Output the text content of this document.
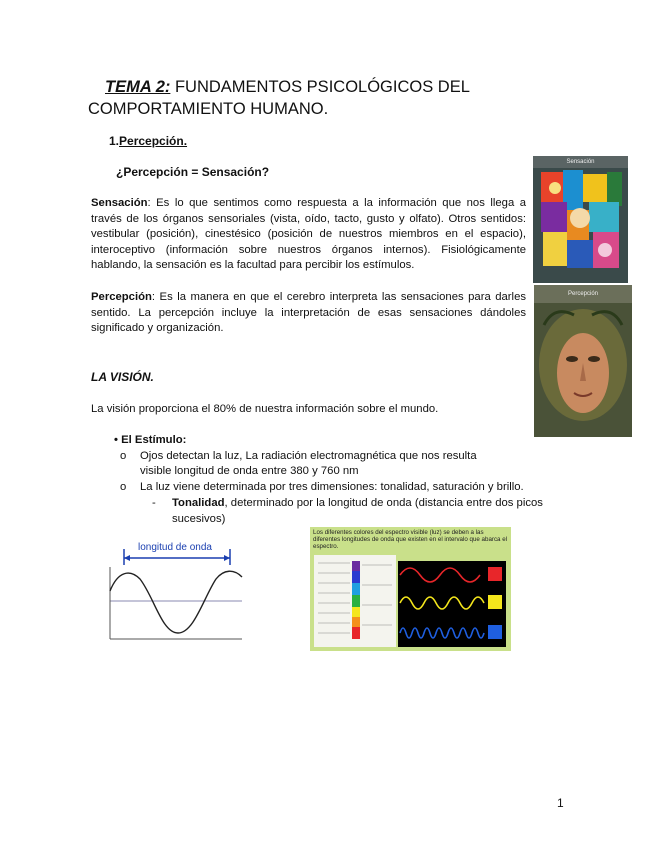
TEMA 2: FUNDAMENTOS PSICOLÓGICOS DEL COMPORTAMIENTO HUMANO.
1.Percepción.
¿Percepción = Sensación?
Sensación: Es lo que sentimos como respuesta a la información que nos llega a través de los órganos sensoriales (vista, oído, tacto, gusto y olfato). Otros sentidos: vestibular (posición), cinestésico (posición de nuestros miembros en el espacio), interoceptivo (información sobre nuestros órganos internos). Fisiológicamente hablando, la sensación es la facultad para percibir los estímulos.
Percepción: Es la manera en que el cerebro interpreta las sensaciones para darles sentido. La percepción incluye la interpretación de esas sensaciones dándoles significado y organización.
LA VISIÓN.
La visión proporciona el 80% de nuestra información sobre el mundo.
• El Estímulo:
o Ojos detectan la luz, La radiación electromagnética que nos resulta
visible longitud de onda entre 380 y 760 nm
o La luz viene determinada por tres dimensiones: tonalidad, saturación y brillo.
- Tonalidad, determinado por la longitud de onda (distancia entre dos picos
sucesivos)
Sensación
Percepción
longitud de onda
Los diferentes colores del espectro visible (luz) se deben a las diferentes longitudes de onda que existen en el intervalo que abarca el espectro.
1
